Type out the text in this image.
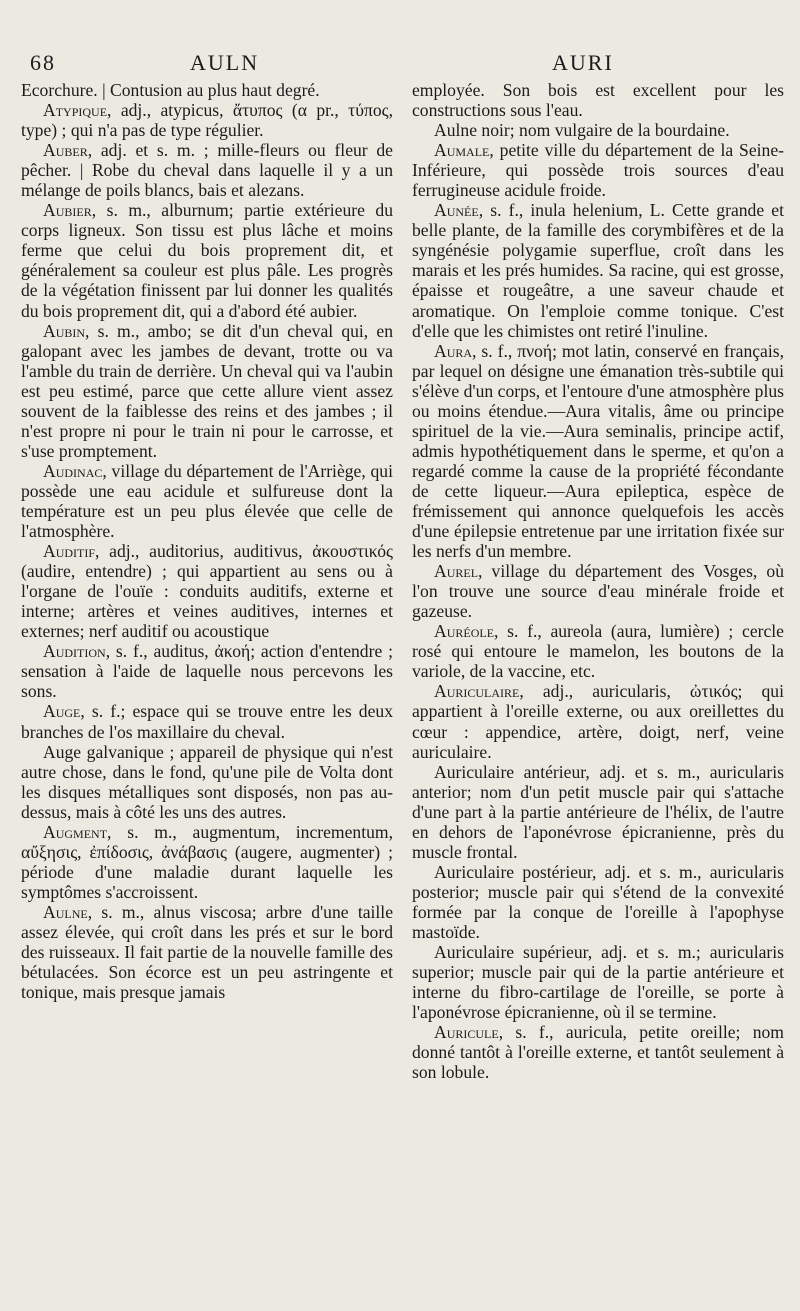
68	AULN	AURI

Ecorchure. | Contusion au plus haut degré.

Atypique, adj., atypicus, ἄτυπος (α pr., τύπος, type) ; qui n'a pas de type régulier.

Auber, adj. et s. m. ; mille-fleurs ou fleur de pêcher. | Robe du cheval dans laquelle il y a un mélange de poils blancs, bais et alezans.

Aubier, s. m., alburnum; partie extérieure du corps ligneux. Son tissu est plus lâche et moins ferme que celui du bois proprement dit, et généralement sa couleur est plus pâle. Les progrès de la végétation finissent par lui donner les qualités du bois proprement dit, qui a d'abord été aubier.

Aubin, s. m., ambo; se dit d'un cheval qui, en galopant avec les jambes de devant, trotte ou va l'amble du train de derrière. Un cheval qui va l'aubin est peu estimé, parce que cette allure vient assez souvent de la faiblesse des reins et des jambes ; il n'est propre ni pour le train ni pour le carrosse, et s'use promptement.

Audinac, village du département de l'Arriège, qui possède une eau acidule et sulfureuse dont la température est un peu plus élevée que celle de l'atmosphère.

Auditif, adj., auditorius, auditivus, ἀκουστικός (audire, entendre) ; qui appartient au sens ou à l'organe de l'ouïe : conduits auditifs, externe et interne; artères et veines auditives, internes et externes; nerf auditif ou acoustique

Audition, s. f., auditus, ἀκοή; action d'entendre ; sensation à l'aide de laquelle nous percevons les sons.

Auge, s. f.; espace qui se trouve entre les deux branches de l'os maxillaire du cheval.

Auge galvanique ; appareil de physique qui n'est autre chose, dans le fond, qu'une pile de Volta dont les disques métalliques sont disposés, non pas au-dessus, mais à côté les uns des autres.

Augment, s. m., augmentum, incrementum, αὔξησις, ἐπίδοσις, ἀνάβασις (augere, augmenter) ; période d'une maladie durant laquelle les symptômes s'accroissent.

Aulne, s. m., alnus viscosa; arbre d'une taille assez élevée, qui croît dans les prés et sur le bord des ruisseaux. Il fait partie de la nouvelle famille des bétulacées. Son écorce est un peu astringente et tonique, mais presque jamais

employée. Son bois est excellent pour les constructions sous l'eau.

Aulne noir; nom vulgaire de la bourdaine.

Aumale, petite ville du département de la Seine-Inférieure, qui possède trois sources d'eau ferrugineuse acidule froide.

Aunée, s. f., inula helenium, L. Cette grande et belle plante, de la famille des corymbifères et de la syngénésie polygamie superflue, croît dans les marais et les prés humides. Sa racine, qui est grosse, épaisse et rougeâtre, a une saveur chaude et aromatique. On l'emploie comme tonique. C'est d'elle que les chimistes ont retiré l'inuline.

Aura, s. f., πνοή; mot latin, conservé en français, par lequel on désigne une émanation très-subtile qui s'élève d'un corps, et l'entoure d'une atmosphère plus ou moins étendue.—Aura vitalis, âme ou principe spirituel de la vie.—Aura seminalis, principe actif, admis hypothétiquement dans le sperme, et qu'on a regardé comme la cause de la propriété fécondante de cette liqueur.—Aura epileptica, espèce de frémissement qui annonce quelquefois les accès d'une épilepsie entretenue par une irritation fixée sur les nerfs d'un membre.

Aurel, village du département des Vosges, où l'on trouve une source d'eau minérale froide et gazeuse.

Auréole, s. f., aureola (aura, lumière) ; cercle rosé qui entoure le mamelon, les boutons de la variole, de la vaccine, etc.

Auriculaire, adj., auricularis, ὠτικός; qui appartient à l'oreille externe, ou aux oreillettes du cœur : appendice, artère, doigt, nerf, veine auriculaire.

Auriculaire antérieur, adj. et s. m., auricularis anterior; nom d'un petit muscle pair qui s'attache d'une part à la partie antérieure de l'hélix, de l'autre en dehors de l'aponévrose épicranienne, près du muscle frontal.

Auriculaire postérieur, adj. et s. m., auricularis posterior; muscle pair qui s'étend de la convexité formée par la conque de l'oreille à l'apophyse mastoïde.

Auriculaire supérieur, adj. et s. m.; auricularis superior; muscle pair qui de la partie antérieure et interne du fibro-cartilage de l'oreille, se porte à l'aponévrose épicranienne, où il se termine.

Auricule, s. f., auricula, petite oreille; nom donné tantôt à l'oreille externe, et tantôt seulement à son lobule.
